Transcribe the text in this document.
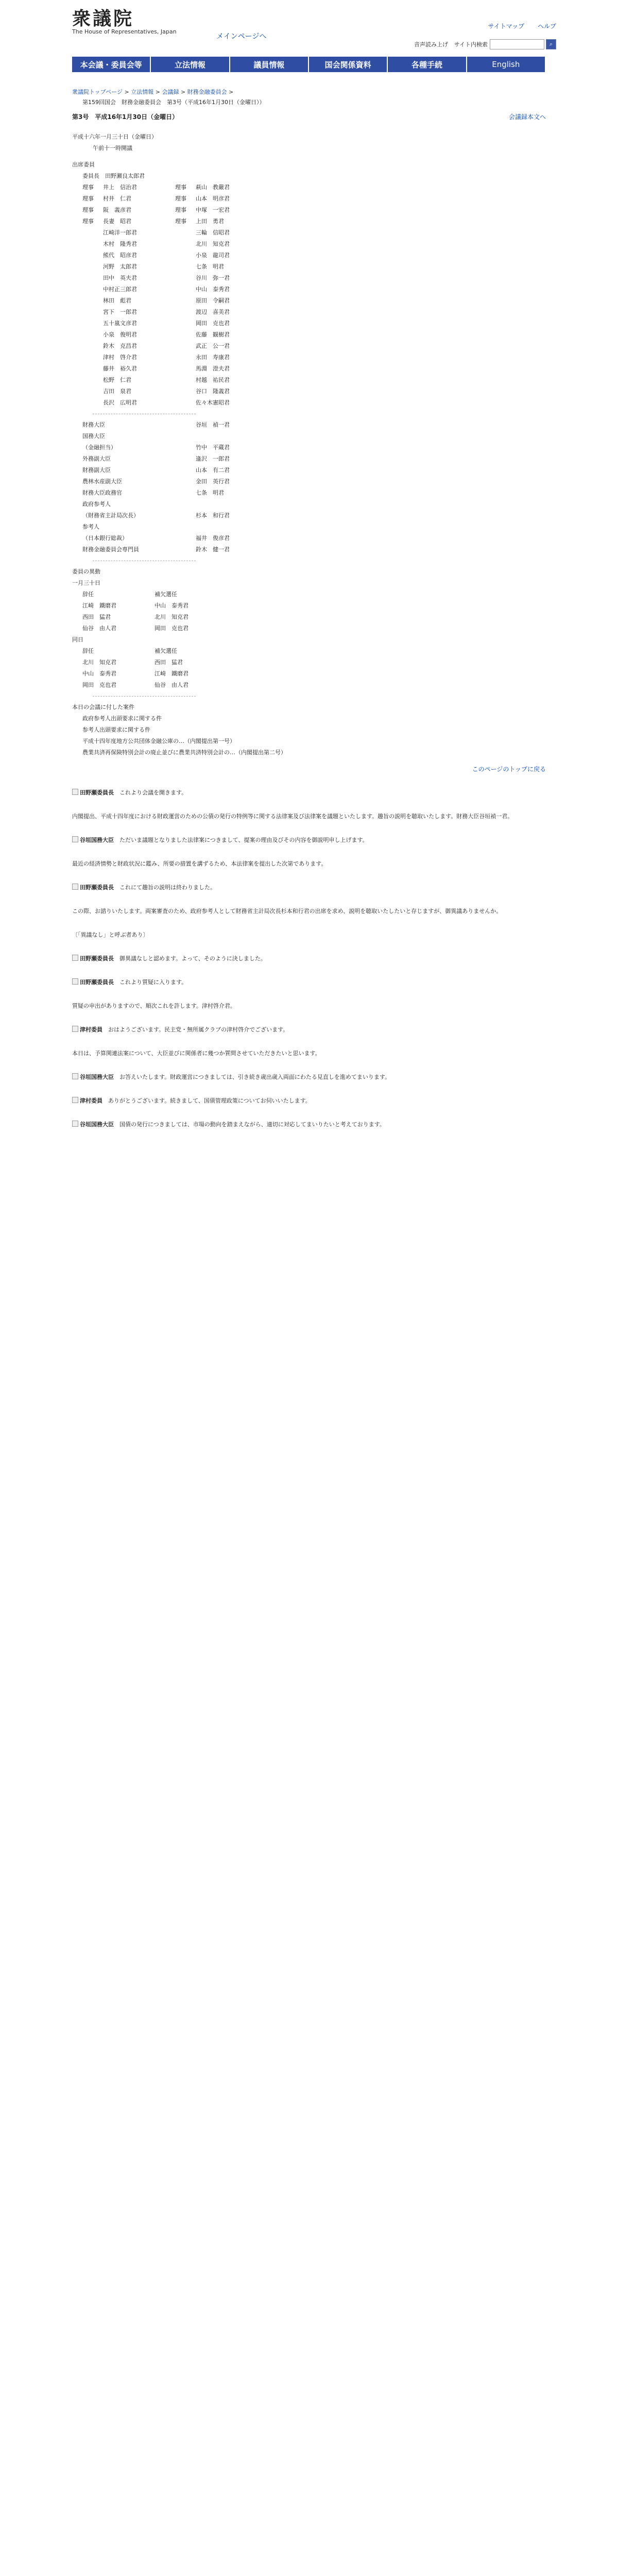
衆議院
The House of Representatives, Japan
メインページへ
サイトマップ ヘルプ
音声読み上げ サイト内検索	⌕
本会議・委員会等	立法情報	議員情報	国会関係資料	各種手続	English
衆議院トップページ > 立法情報 > 会議録 > 財務金融委員会 >
第159回国会　財務金融委員会　第3号（平成16年1月30日（金曜日））
第3号　平成16年1月30日（金曜日）	会議録本文へ
平成十六年一月三十日（金曜日）
午前十一時開議
出席委員
委員長　田野瀬良太郎君
理事 井上　信治君	理事 萩山　教嚴君
理事 村井　仁君	理事 山本　明彦君
理事 阪　義彦君	理事 中塚　一宏君
理事 長妻　昭君	理事 上田　勇君
江崎洋一郎君	三輪　信昭君
木村　隆秀君	北川　知克君
熊代　昭彦君	小泉　龍司君
河野　太郎君	七条　明君
田中　英夫君	谷川　弥一君
中村正三郎君	中山　泰秀君
林田　彪君	原田　令嗣君
宮下　一郎君	渡辺　喜美君
五十嵐文彦君	岡田　克也君
小泉　俊明君	佐藤　観樹君
鈴木　克昌君	武正　公一君
津村　啓介君	永田　寿康君
藤井　裕久君	馬淵　澄夫君
松野　仁君	村越　祐民君
吉田　泉君	谷口　隆義君
長沢　広明君	佐々木憲昭君
財務大臣	谷垣　禎一君
国務大臣
（金融担当）	竹中　平蔵君
外務副大臣	逢沢　一郎君
財務副大臣	山本　有二君
農林水産副大臣	金田　英行君
財務大臣政務官	七条　明君
政府参考人
（財務省主計局次長）	杉本　和行君
参考人
（日本銀行総裁）	福井　俊彦君
財務金融委員会専門員	鈴木　健一君
委員の異動
一月三十日
辞任	補欠選任
江崎　鐵磨君	中山　泰秀君
西田　猛君	北川　知克君
仙谷　由人君	岡田　克也君
同日
辞任	補欠選任
北川　知克君	西田　猛君
中山　泰秀君	江崎　鐵磨君
岡田　克也君	仙谷　由人君
本日の会議に付した案件
政府参考人出頭要求に関する件
参考人出頭要求に関する件
平成十四年度地方公共団体金融公庫の…（内閣提出第一号）
農業共済再保険特別会計の廃止並びに農業共済特別会計の…（内閣提出第二号）
このページのトップに戻る
田野瀬委員長　 これより会議を開きます。
内閣提出、平成十四年度における財政運営のための公債の発行の特例等に関する法律案及び法律案を議題といたします。趣旨の説明を聴取いたします。財務大臣谷垣禎一君。
谷垣国務大臣　 ただいま議題となりました法律案につきまして、提案の理由及びその内容を御説明申し上げます。
最近の経済情勢と財政状況に鑑み、所要の措置を講ずるため、本法律案を提出した次第であります。
田野瀬委員長　 これにて趣旨の説明は終わりました。
この際、お諮りいたします。両案審査のため、政府参考人として財務省主計局次長杉本和行君の出席を求め、説明を聴取いたしたいと存じますが、御異議ありませんか。
〔「異議なし」と呼ぶ者あり〕
田野瀬委員長　 御異議なしと認めます。よって、そのように決しました。
田野瀬委員長　 これより質疑に入ります。
質疑の申出がありますので、順次これを許します。津村啓介君。
津村委員　 おはようございます。民主党・無所属クラブの津村啓介でございます。
本日は、予算関連法案について、大臣並びに関係者に幾つか質問させていただきたいと思います。
谷垣国務大臣　 お答えいたします。財政運営につきましては、引き続き歳出歳入両面にわたる見直しを進めてまいります。
津村委員　 ありがとうございます。続きまして、国債管理政策についてお伺いいたします。
谷垣国務大臣　 国債の発行につきましては、市場の動向を踏まえながら、適切に対応してまいりたいと考えております。
